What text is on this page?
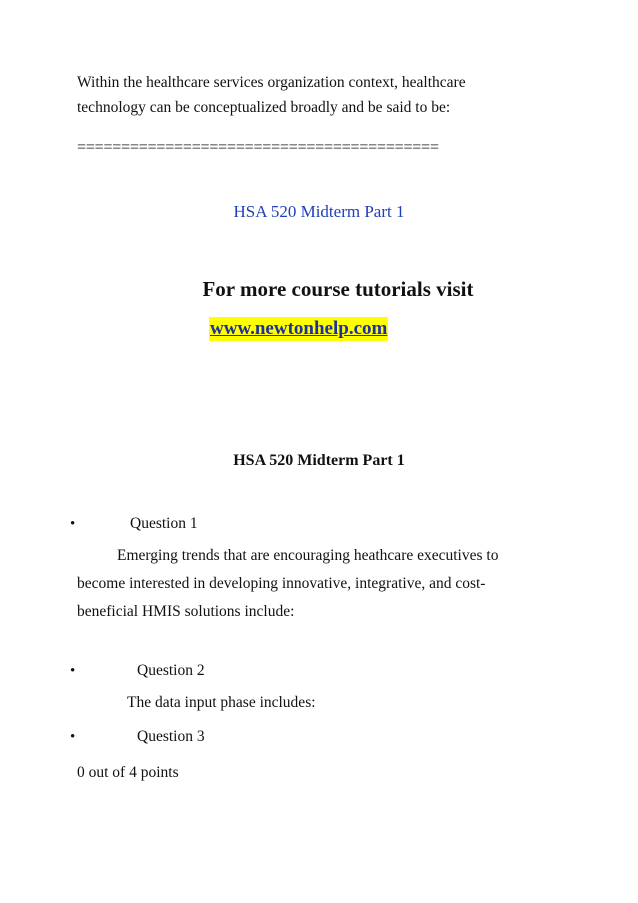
Within the healthcare services organization context, healthcare
technology can be conceptualized broadly and be said to be:
=========================================
HSA 520 Midterm Part 1
For more course tutorials visit
www.newtonhelp.com
HSA 520 Midterm Part 1
•	Question 1
Emerging trends that are encouraging heathcare executives to
become interested in developing innovative, integrative, and cost-
beneficial HMIS solutions include:
•	Question 2
The data input phase includes:
•	Question 3
0 out of 4 points
